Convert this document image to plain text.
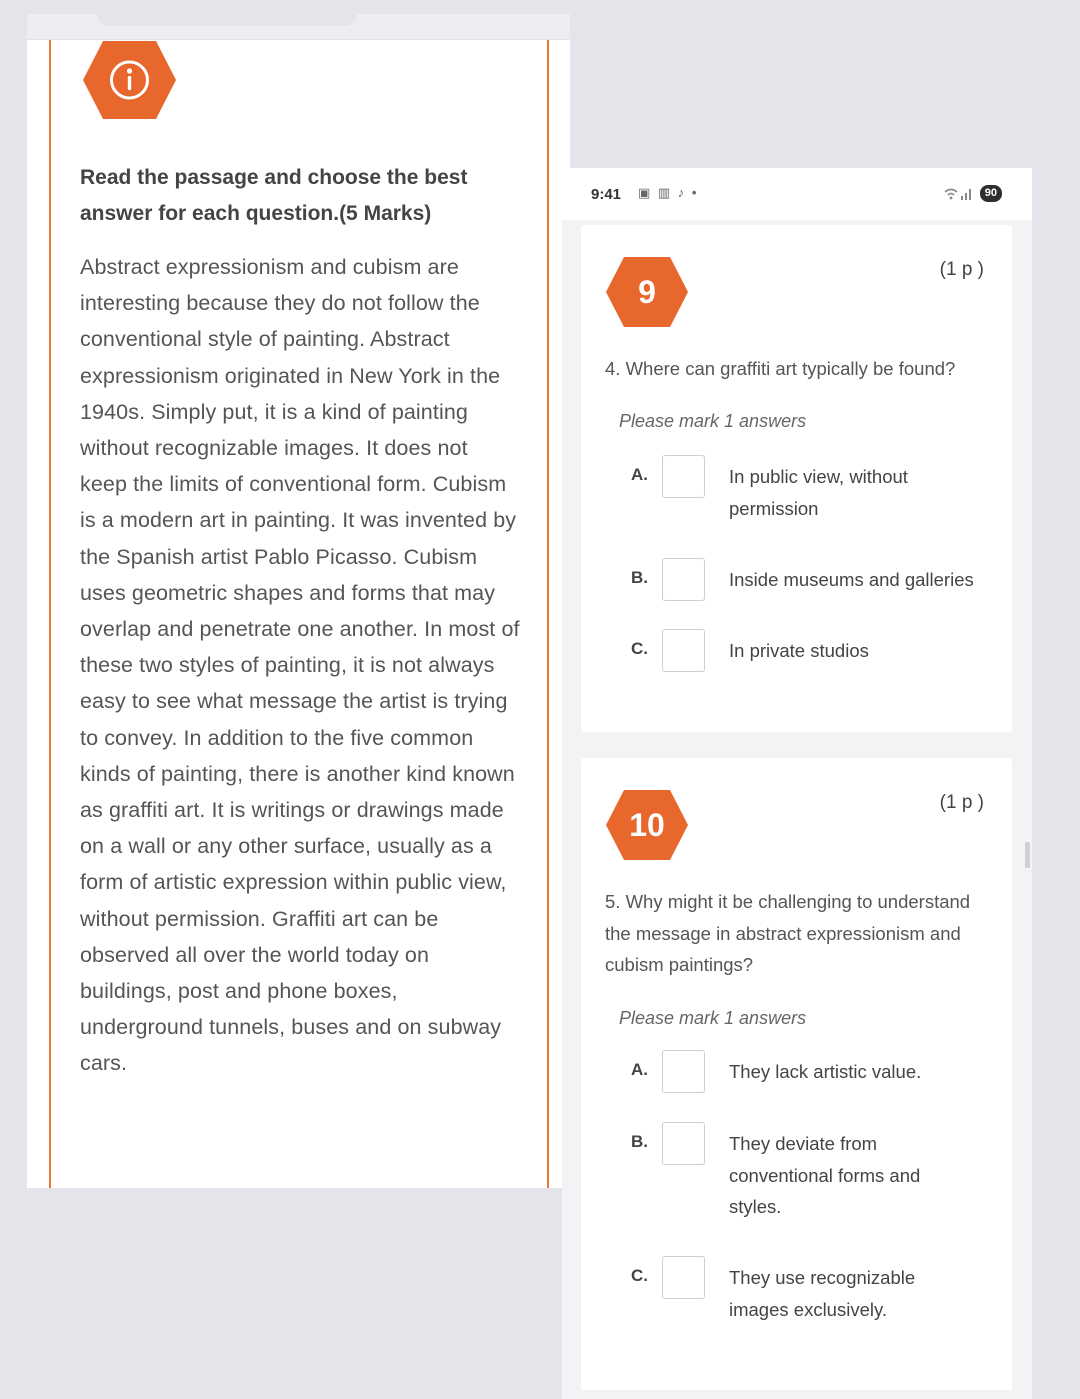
Read the passage and choose the best answer for each question.(5 Marks)
Abstract expressionism and cubism are interesting because they do not follow the conventional style of painting. Abstract expressionism originated in New York in the 1940s. Simply put, it is a kind of painting without recognizable images. It does not keep the limits of conventional form. Cubism is a modern art in painting. It was invented by the Spanish artist Pablo Picasso. Cubism uses geometric shapes and forms that may overlap and penetrate one another. In most of these two styles of painting, it is not always easy to see what message the artist is trying to convey. In addition to the five common kinds of painting, there is another kind known as graffiti art. It is writings or drawings made on a wall or any other surface, usually as a form of artistic expression within public view, without permission. Graffiti art can be observed all over the world today on buildings, post and phone boxes, underground tunnels, buses and on subway cars.
9:41 ▣ ▥ ♪ •	90
9
(1 p )
4. Where can graffiti art typically be found?
Please mark 1 answers
A.	In public view, without permission
B.	Inside museums and galleries
C.	In private studios
10
(1 p )
5. Why might it be challenging to understand the message in abstract expressionism and cubism paintings?
Please mark 1 answers
A.	They lack artistic value.
B.	They deviate from conventional forms and styles.
C.	They use recognizable images exclusively.
